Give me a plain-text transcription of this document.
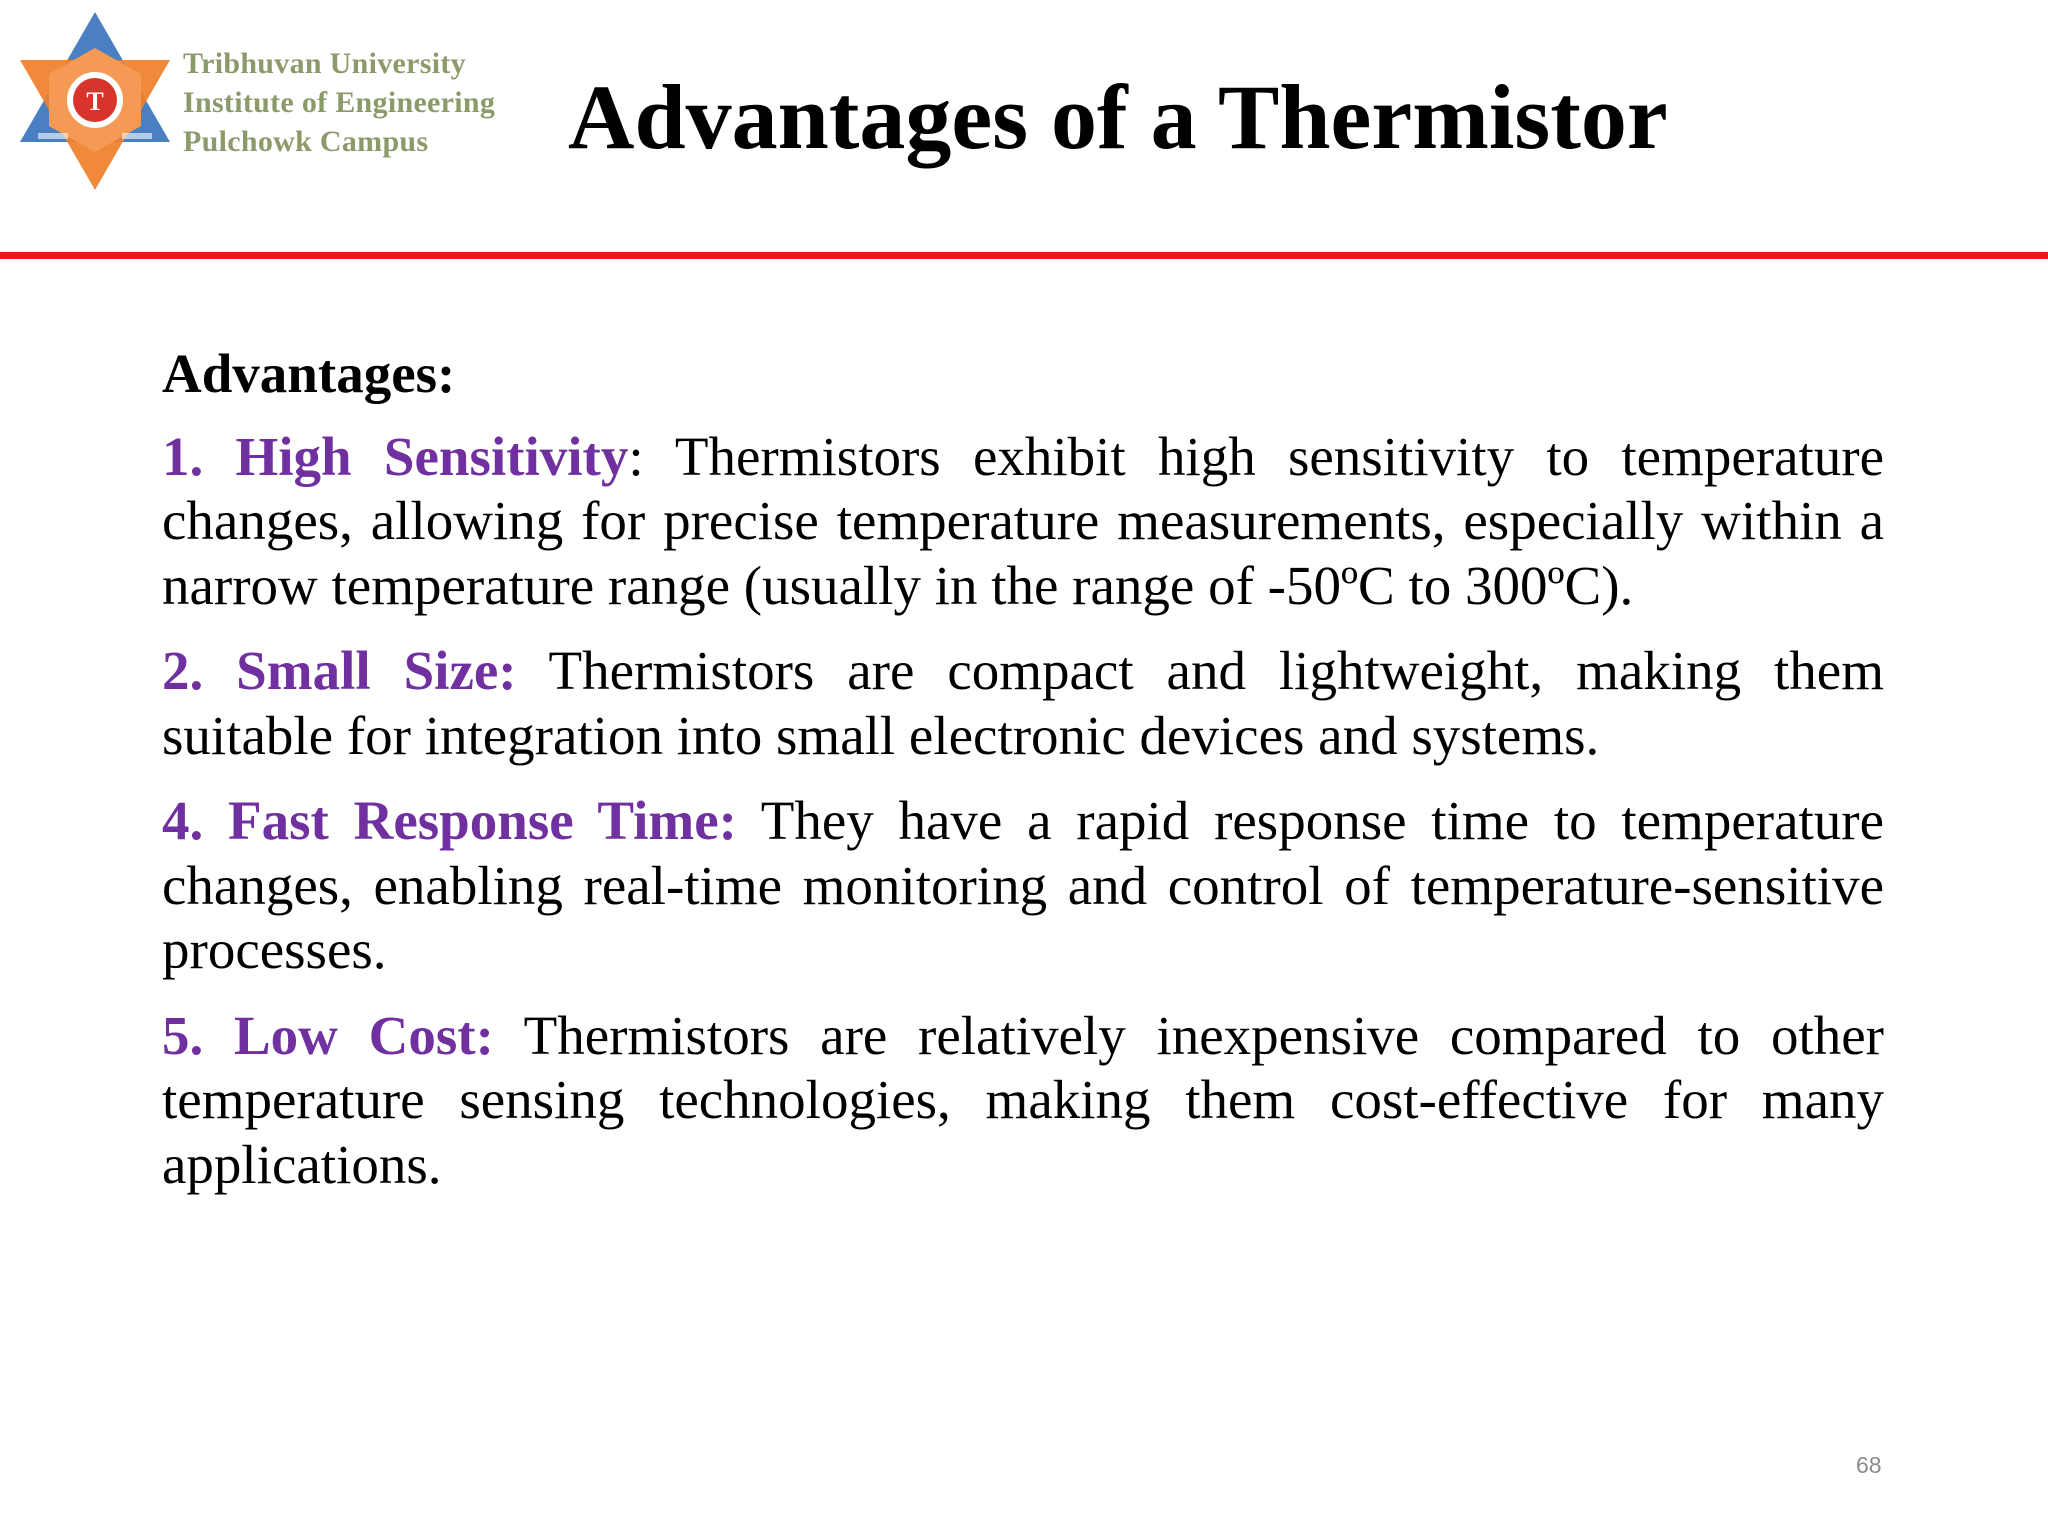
T
Tribhuvan University
Institute of Engineering
Pulchowk Campus	Advantages of a Thermistor
Advantages:
1. High Sensitivity: Thermistors exhibit high sensitivity to temperature changes, allowing for precise temperature measurements, especially within a narrow temperature range (usually in the range of -50ºC to 300ºC).
2. Small Size: Thermistors are compact and lightweight, making them suitable for integration into small electronic devices and systems.
4. Fast Response Time: They have a rapid response time to temperature changes, enabling real-time monitoring and control of temperature-sensitive processes.
5. Low Cost: Thermistors are relatively inexpensive compared to other temperature sensing technologies, making them cost-effective for many applications.
68
